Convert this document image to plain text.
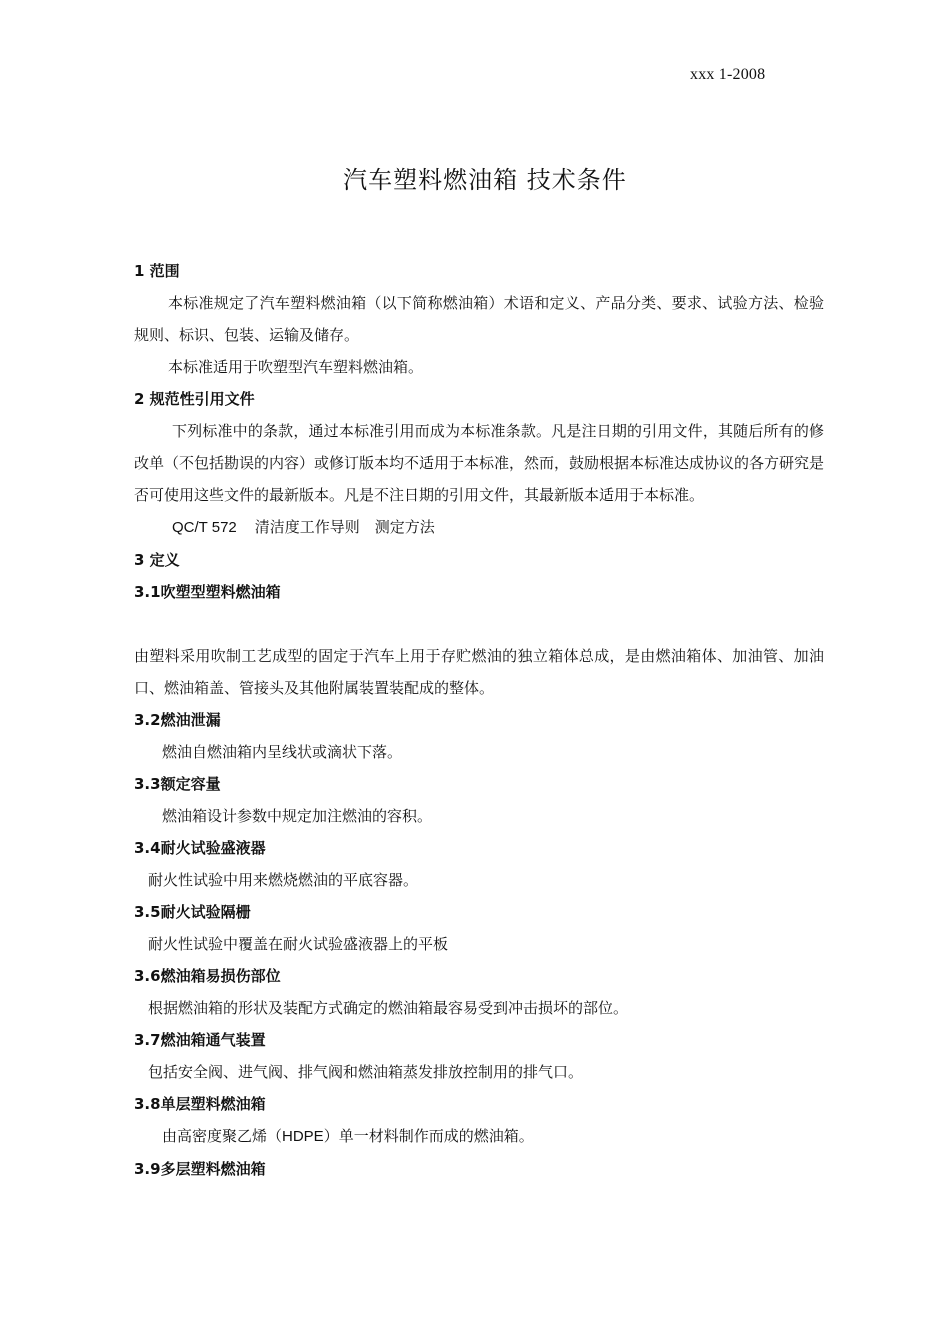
xxx 1-2008
汽车塑料燃油箱 技术条件
1 范围

本标准规定了汽车塑料燃油箱（以下简称燃油箱）术语和定义、产品分类、要求、试验方法、检验规则、标识、包装、运输及储存。

本标准适用于吹塑型汽车塑料燃油箱。

2 规范性引用文件

下列标准中的条款，通过本标准引用而成为本标准条款。凡是注日期的引用文件，其随后所有的修改单（不包括勘误的内容）或修订版本均不适用于本标准，然而，鼓励根据本标准达成协议的各方研究是否可使用这些文件的最新版本。凡是不注日期的引用文件，其最新版本适用于本标准。

QC/T 572 清洁度工作导则　测定方法

3 定义
3.1吹塑型塑料燃油箱

由塑料采用吹制工艺成型的固定于汽车上用于存贮燃油的独立箱体总成，是由燃油箱体、加油管、加油口、燃油箱盖、管接头及其他附属装置装配成的整体。

3.2燃油泄漏

燃油自燃油箱内呈线状或滴状下落。

3.3额定容量

燃油箱设计参数中规定加注燃油的容积。

3.4耐火试验盛液器

耐火性试验中用来燃烧燃油的平底容器。

3.5耐火试验隔栅

耐火性试验中覆盖在耐火试验盛液器上的平板

3.6燃油箱易损伤部位

根据燃油箱的形状及装配方式确定的燃油箱最容易受到冲击损坏的部位。

3.7燃油箱通气装置

包括安全阀、进气阀、排气阀和燃油箱蒸发排放控制用的排气口。

3.8单层塑料燃油箱

由高密度聚乙烯（HDPE）单一材料制作而成的燃油箱。

3.9多层塑料燃油箱
